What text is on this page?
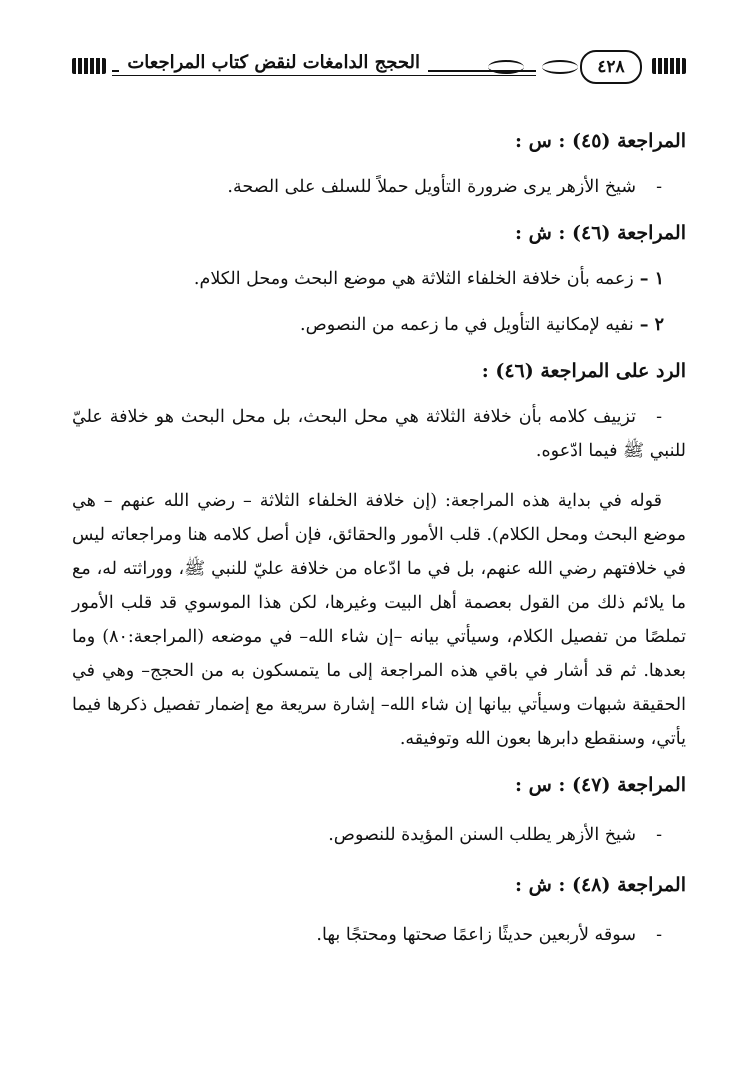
٤٢٨
الحجج الدامغات لنقض كتاب المراجعات

المراجعة (٤٥) : س :

-شيخ الأزهر يرى ضرورة التأويل حملاً للسلف على الصحة.

المراجعة (٤٦) : ش :

١ –زعمه بأن خلافة الخلفاء الثلاثة هي موضع البحث ومحل الكلام.

٢ –نفيه لإمكانية التأويل في ما زعمه من النصوص.

الرد على المراجعة (٤٦) :

-تزييف كلامه بأن خلافة الثلاثة هي محل البحث، بل محل البحث هو خلافة عليّ للنبي ﷺ فيما ادّعوه.

قوله في بداية هذه المراجعة: (إن خلافة الخلفاء الثلاثة – رضي الله عنهم – هي موضع البحث ومحل الكلام). قلب الأمور والحقائق، فإن أصل كلامه هنا ومراجعاته ليس في خلافتهم رضي الله عنهم، بل في ما ادّعاه من خلافة عليّ للنبي ﷺ، ووراثته له، مع ما يلائم ذلك من القول بعصمة أهل البيت وغيرها، لكن هذا الموسوي قد قلب الأمور تملصًا من تفصيل الكلام، وسيأتي بيانه –إن شاء الله– في موضعه (المراجعة:٨٠) وما بعدها. ثم قد أشار في باقي هذه المراجعة إلى ما يتمسكون به من الحجج– وهي في الحقيقة شبهات وسيأتي بيانها إن شاء الله– إشارة سريعة مع إضمار تفصيل ذكرها فيما يأتي، وسنقطع دابرها بعون الله وتوفيقه.

المراجعة (٤٧) : س :

-شيخ الأزهر يطلب السنن المؤيدة للنصوص.

المراجعة (٤٨) : ش :

-سوقه لأربعين حديثًا زاعمًا صحتها ومحتجًا بها.
